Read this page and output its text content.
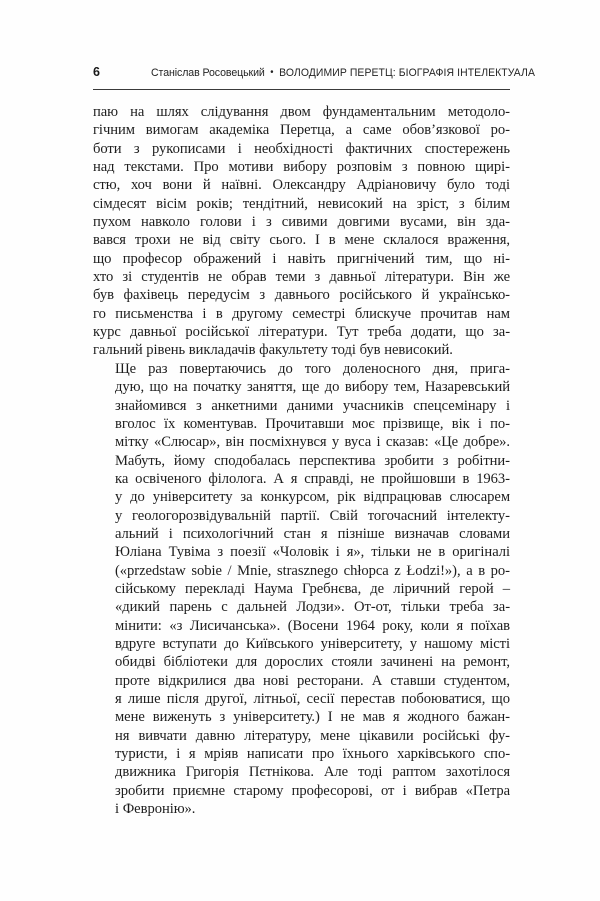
6	Станіслав Росовецький • ВОЛОДИМИР ПЕРЕТЦ: БІОГРАФІЯ ІНТЕЛЕКТУАЛА

паю на шлях слідування двом фундаментальним методоло-
гічним вимогам академіка Перетца, а саме обов’язкової ро-
боти з рукописами і необхідності фактичних спостережень
над текстами. Про мотиви вибору розповім з повною щирі-
стю, хоч вони й наївні. Олександру Адріановичу було тоді
сімдесят вісім років; тендітний, невисокий на зріст, з білим
пухом навколо голови і з сивими довгими вусами, він зда-
вався трохи не від світу сього. І в мене склалося враження,
що професор ображений і навіть пригнічений тим, що ні-
хто зі студентів не обрав теми з давньої літератури. Він же
був фахівець передусім з давнього російського й українсько-
го письменства і в другому семестрі блискуче прочитав нам
курс давньої російської літератури. Тут треба додати, що за-
гальний рівень викладачів факультету тоді був невисокий.

Ще раз повертаючись до того доленосного дня, прига-
дую, що на початку заняття, ще до вибору тем, Назаревський
знайомився з анкетними даними учасників спецсемінару і
вголос їх коментував. Прочитавши моє прізвище, вік і по-
мітку «Слюсар», він посміхнувся у вуса і сказав: «Це добре».
Мабуть, йому сподобалась перспектива зробити з робітни-
ка освіченого філолога. А я справді, не пройшовши в 1963-
у до університету за конкурсом, рік відпрацював слюсарем
у геологорозвідувальній партії. Свій тогочасний інтелекту-
альний і психологічний стан я пізніше визначав словами
Юліана Тувіма з поезії «Чоловік і я», тільки не в оригіналі
(«przedstaw sobie / Mnie, strasznego chłopca z Łodzi!»), а в ро-
сійському перекладі Наума Гребнєва, де ліричний герой –
«дикий парень с дальней Лодзи». От-от, тільки треба за-
мінити: «з Лисичанська». (Восени 1964 року, коли я поїхав
вдруге вступати до Київського університету, у нашому місті
обидві бібліотеки для дорослих стояли зачинені на ремонт,
проте відкрилися два нові ресторани. А ставши студентом,
я лише після другої, літньої, сесії перестав побоюватися, що
мене виженуть з університету.) І не мав я жодного бажан-
ня вивчати давню літературу, мене цікавили російські фу-
туристи, і я мріяв написати про їхнього харківського спо-
движника Григорія Пєтнікова. Але тоді раптом захотілося
зробити приємне старому професорові, от і вибрав «Петра
і Февронію».
